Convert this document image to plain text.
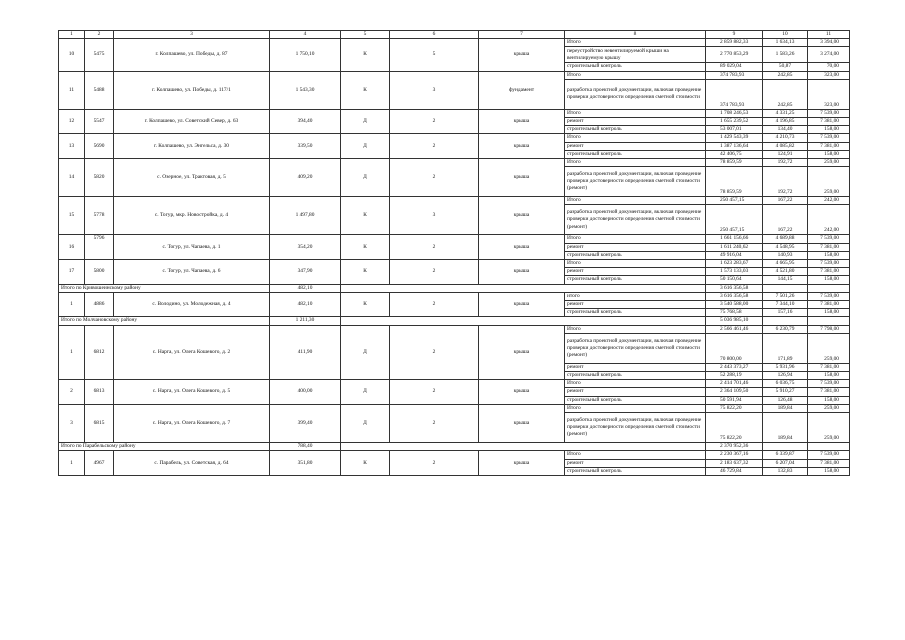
1	2	3	4	5	6	7	8	9	10	11
10	5475	г. Колпашево, ул. Победы, д. 87	1 750,10	К	5	крыша	Итого	2 859 882,33	1 634,13	3 394,00
							переустройство невентилируемой крыши на вентилируемую крышу	2 770 853,29	1 583,26	3 274,00
							строительный контроль	89 029,04	50,87	70,00
11	5488	г. Колпашево, ул. Победы, д. 117/1	1 543,30	К	3	фундамент	Итого	374 783,93	242,85	323,00
							разработка проектной документации, включая проведение проверки достоверности определения сметной стоимости	374 783,93	242,85	323,00
12	5547	г. Колпашево, ул. Советский Север, д. 63	394,40	Д	2	крыша	Итого	1 708 246,53	4 331,25	7 539,00
							ремонт	1 655 239,52	4 196,85	7 381,00
							строительный контроль	53 007,01	134,40	158,00
13	5690	г. Колпашево, ул. Энгельса, д. 30	339,50	Д	2	крыша	Итого	1 429 543,39	4 210,73	7 539,00
							ремонт	1 387 136,64	4 085,82	7 381,00
							строительный контроль	42 406,75	124,91	158,00
14	5820	с. Озерное, ул. Трактовая, д. 5	409,20	Д	2	крыша	Итого	78 859,59	192,72	259,00
							разработка проектной документации, включая проведение проверки достоверности определения сметной стоимости (ремонт)	78 859,59	192,72	259,00
15	5778	с. Тогур, мкр. Новостройка, д. 4	1 497,80	К	3	крыша	Итого	250 457,15	167,22	242,00
							разработка проектной документации, включая проведение проверки достоверности определения сметной стоимости (ремонт)	250 457,15	167,22	242,00
16	5796	с. Тогур, ул. Чапаева, д. 1	354,20	К	2	крыша	Итого	1 661 156,66	4 689,88	7 539,00
							ремонт	1 611 240,62	4 548,95	7 381,00
							строительный контроль	49 916,04	140,93	158,00
17	5800	с. Тогур, ул. Чапаева, д. 6	347,90	К	2	крыша	Итого	1 623 283,67	4 665,95	7 539,00
							ремонт	1 573 133,03	4 521,80	7 381,00
							строительный контроль	50 150,64	144,15	158,00
Итого по Кривошеинскому району			482,10					3 616 356,58		
1	4886	с. Володино, ул. Молодежная, д. 4	482,10	К	2	крыша	итого	3 616 356,58	7 501,26	7 539,00
							ремонт	3 540 588,00	7 344,10	7 381,00
							строительный контроль	75 768,58	157,16	158,00
Итого по Молчановскому району			1 211,30					5 036 985,10		
1	6812	с. Нарга, ул. Олега Кошевого, д. 2	411,90	Д	2	крыша	Итого	2 566 461,46	6 230,79	7 798,00
							разработка проектной документации, включая проведение проверки достоверности определения сметной стоимости (ремонт)	70 800,00	171,89	259,00
							ремонт	2 443 373,27	5 931,96	7 381,00
							строительный контроль	52 288,19	126,94	158,00
2	6813	с. Нарга, ул. Олега Кошевого, д. 5	400,00	Д	2	крыша	Итого	2 414 701,46	6 036,75	7 539,00
							ремонт	2 364 109,50	5 910,27	7 381,00
							строительный контроль	50 591,94	126,48	158,00
3	6815	с. Нарга, ул. Олега Кошевого, д. 7	399,40	Д	2	крыша	Итого	75 822,20	189,84	259,00
							разработка проектной документации, включая проведение проверки достоверности определения сметной стоимости (ремонт)	75 822,20	189,84	259,00
Итого по Парабельскому району			788,40					2 370 952,36		
1	4967	с. Парабель, ул. Советская, д. 64	351,80	К	2	крыша	Итого	2 230 367,16	6 339,87	7 539,00
							ремонт	2 183 637,32	6 207,04	7 381,00
							строительный контроль	46 729,84	132,83	158,00
